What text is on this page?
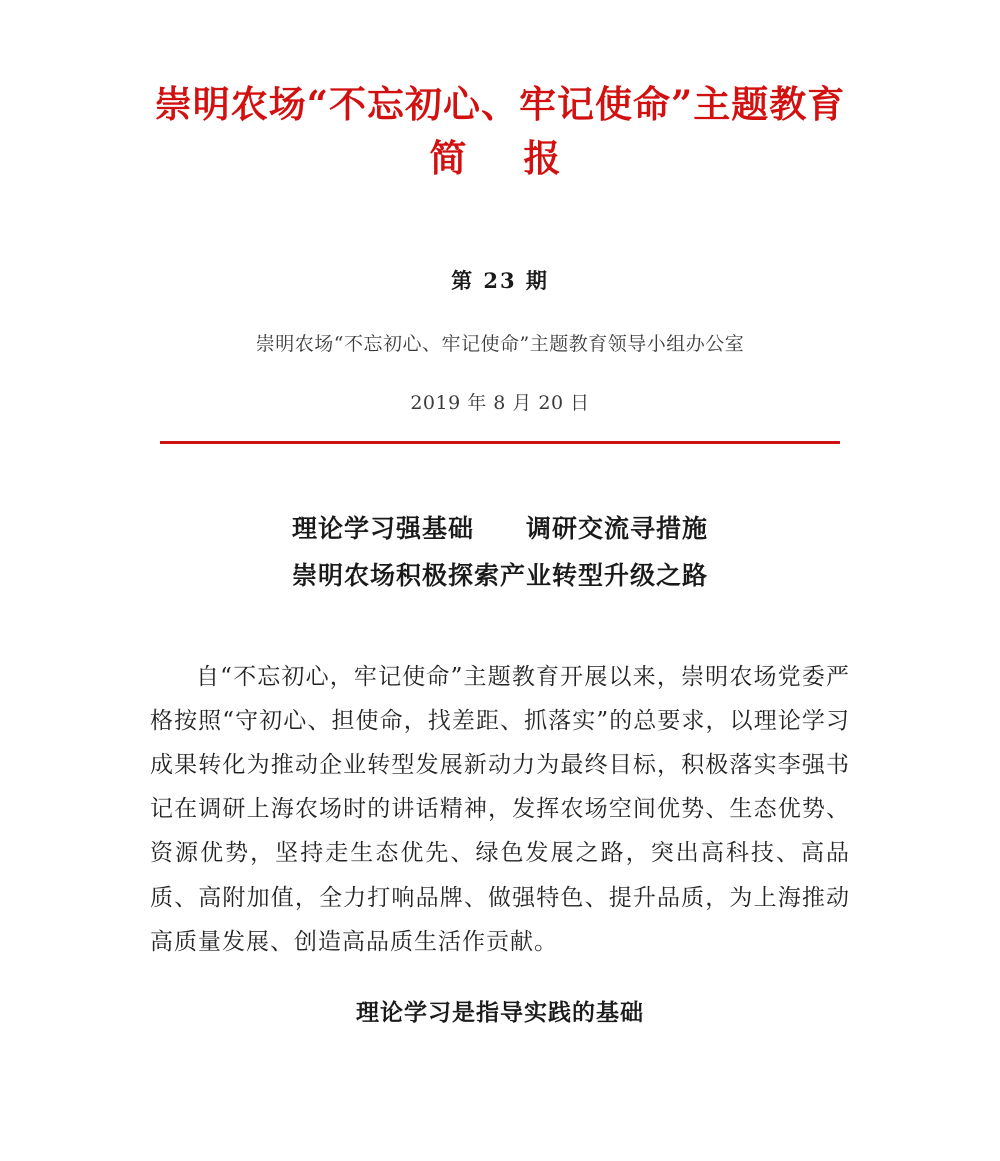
崇明农场“不忘初心、牢记使命”主题教育
简　报
第 23 期
崇明农场“不忘初心、牢记使命”主题教育领导小组办公室
2019 年 8 月 20 日
理论学习强基础　　调研交流寻措施
崇明农场积极探索产业转型升级之路

自“不忘初心，牢记使命”主题教育开展以来，崇明农场党委严格按照“守初心、担使命，找差距、抓落实”的总要求，以理论学习成果转化为推动企业转型发展新动力为最终目标，积极落实李强书记在调研上海农场时的讲话精神，发挥农场空间优势、生态优势、资源优势，坚持走生态优先、绿色发展之路，突出高科技、高品质、高附加值，全力打响品牌、做强特色、提升品质，为上海推动高质量发展、创造高品质生活作贡献。

理论学习是指导实践的基础
